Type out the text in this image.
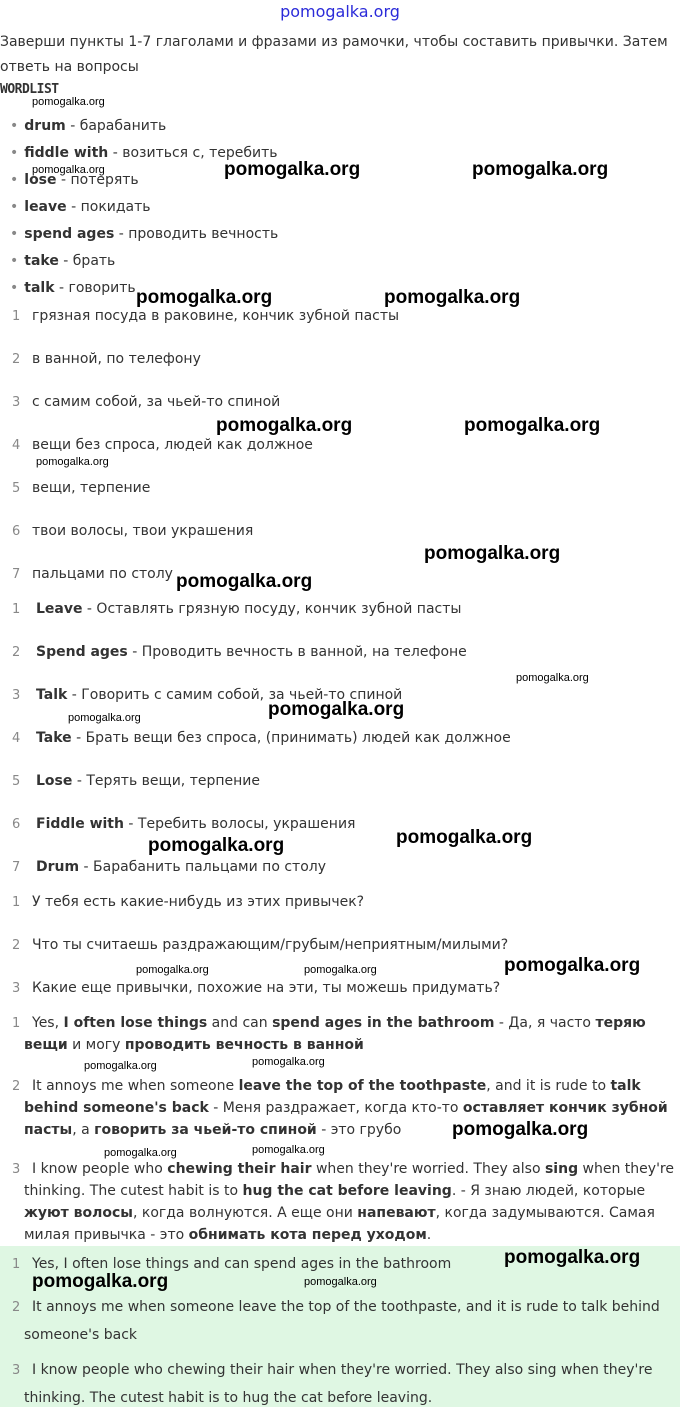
pomogalka.org
Заверши пункты 1-7 глаголами и фразами из рамочки, чтобы составить привычки. Затем ответь на вопросы
WORDLIST
• drum - барабанить
• fiddle with - возиться с, теребить
• lose - потерять
• leave - покидать
• spend ages - проводить вечность
• take - брать
• talk - говорить
1 грязная посуда в раковине, кончик зубной пасты
2 в ванной, по телефону
3 с самим собой, за чьей-то спиной
4 вещи без спроса, людей как должное
5 вещи, терпение
6 твои волосы, твои украшения
7 пальцами по столу
1 Leave - Оставлять грязную посуду, кончик зубной пасты
2 Spend ages - Проводить вечность в ванной, на телефоне
3 Talk - Говорить с самим собой, за чьей-то спиной
4 Take - Брать вещи без спроса, (принимать) людей как должное
5 Lose - Терять вещи, терпение
6 Fiddle with - Теребить волосы, украшения
7 Drum - Барабанить пальцами по столу
1 У тебя есть какие-нибудь из этих привычек?
2 Что ты считаешь раздражающим/грубым/неприятным/милыми?
3 Какие еще привычки, похожие на эти, ты можешь придумать?
1 Yes, I often lose things and can spend ages in the bathroom - Да, я часто теряю вещи и могу проводить вечность в ванной
2 It annoys me when someone leave the top of the toothpaste, and it is rude to talk behind someone's back - Меня раздражает, когда кто-то оставляет кончик зубной пасты, а говорить за чьей-то спиной - это грубо
3 I know people who chewing their hair when they're worried. They also sing when they're thinking. The cutest habit is to hug the cat before leaving. - Я знаю людей, которые жуют волосы, когда волнуются. А еще они напевают, когда задумываются. Самая милая привычка - это обнимать кота перед уходом.
1 Yes, I often lose things and can spend ages in the bathroom
2 It annoys me when someone leave the top of the toothpaste, and it is rude to talk behind someone's back
3 I know people who chewing their hair when they're worried. They also sing when they're thinking. The cutest habit is to hug the cat before leaving.
pomogalka.org
pomogalka.org	pomogalka.org	pomogalka.org
pomogalka.org	pomogalka.org
pomogalka.org	pomogalka.org
pomogalka.org
pomogalka.org
pomogalka.org
pomogalka.org
pomogalka.org	pomogalka.org
pomogalka.org
pomogalka.org
pomogalka.org	pomogalka.org	pomogalka.org
pomogalka.org	pomogalka.org
pomogalka.org
pomogalka.org	pomogalka.org
pomogalka.org
pomogalka.org	pomogalka.org
